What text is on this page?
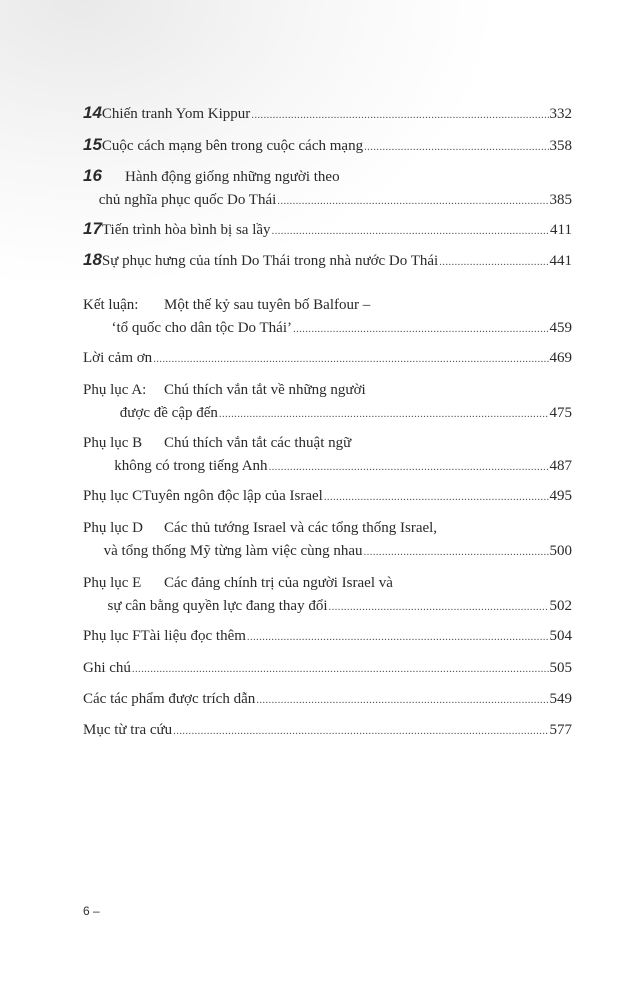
14 Chiến tranh Yom Kippur .....	332
15 Cuộc cách mạng bên trong cuộc cách mạng .....	358
16	Hành động giống những người theo
chủ nghĩa phục quốc Do Thái .....	385
17 Tiến trình hòa bình bị sa lầy .....	411
18 Sự phục hưng của tính Do Thái trong nhà nước Do Thái .....	441
Kết luận:	Một thế kỷ sau tuyên bố Balfour –
‘tổ quốc cho dân tộc Do Thái’ .....	459
Lời cảm ơn .....	469
Phụ lục A:	Chú thích vắn tắt về những người
được đề cập đến .....	475
Phụ lục B	Chú thích vắn tắt các thuật ngữ
không có trong tiếng Anh .....	487
Phụ lục C Tuyên ngôn độc lập của Israel .....	495
Phụ lục D	Các thủ tướng Israel và các tổng thống Israel,
và tổng thống Mỹ từng làm việc cùng nhau .....	500
Phụ lục E	Các đảng chính trị của người Israel và
sự cân bằng quyền lực đang thay đổi .....	502
Phụ lục F Tài liệu đọc thêm .....	504
Ghi chú .....	505
Các tác phẩm được trích dẫn .....	549
Mục từ tra cứu .....	577
6 –
